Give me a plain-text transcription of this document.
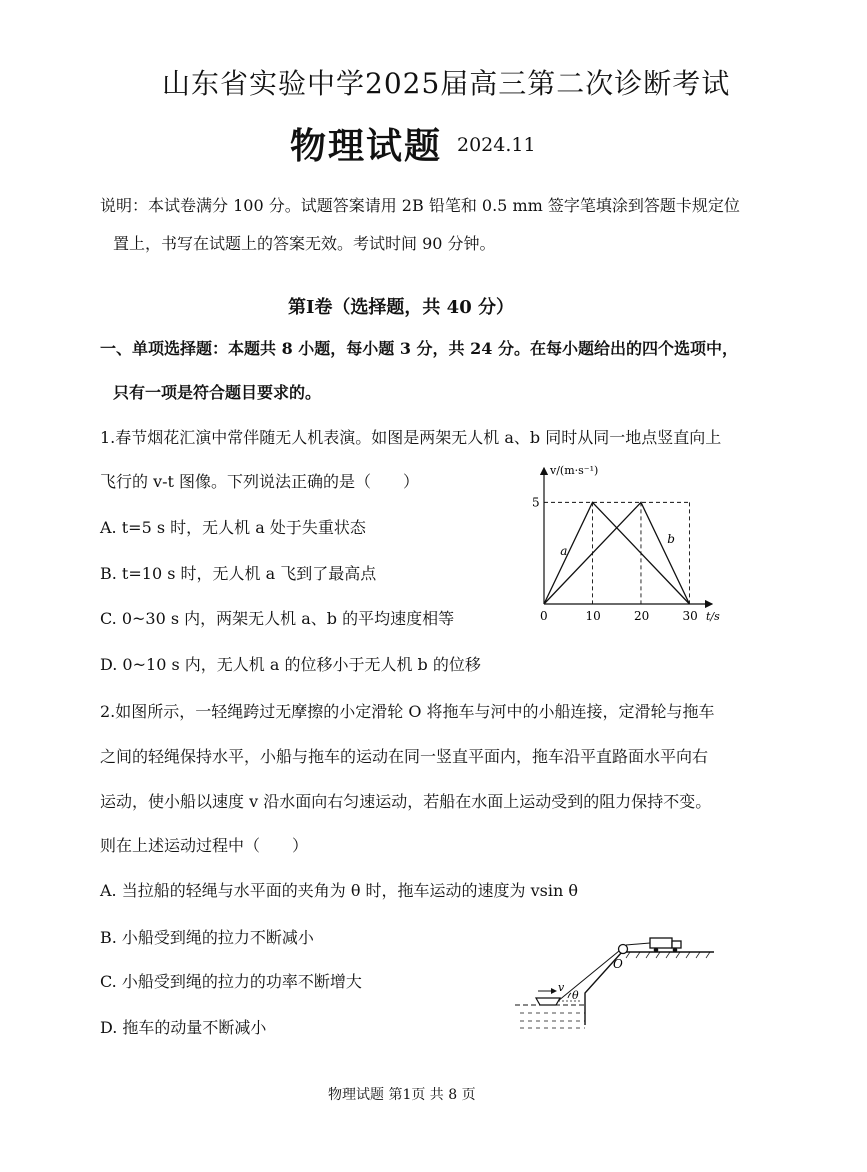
山东省实验中学2025届高三第二次诊断考试
物理试题 2024.11
说明：本试卷满分 100 分。试题答案请用 2B 铅笔和 0.5 mm 签字笔填涂到答题卡规定位
置上，书写在试题上的答案无效。考试时间 90 分钟。
第Ⅰ卷（选择题，共 40 分）
一、单项选择题：本题共 8 小题，每小题 3 分，共 24 分。在每小题给出的四个选项中，
只有一项是符合题目要求的。
1.春节烟花汇演中常伴随无人机表演。如图是两架无人机 a、b 同时从同一地点竖直向上
飞行的 v-t 图像。下列说法正确的是（　　）
A. t=5 s 时，无人机 a 处于失重状态
B. t=10 s 时，无人机 a 飞到了最高点
C. 0~30 s 内，两架无人机 a、b 的平均速度相等
D. 0~10 s 内，无人机 a 的位移小于无人机 b 的位移
t/s
v/(m·s⁻¹)
a
b
0	10	20	30
5
2.如图所示，一轻绳跨过无摩擦的小定滑轮 O 将拖车与河中的小船连接，定滑轮与拖车
之间的轻绳保持水平，小船与拖车的运动在同一竖直平面内，拖车沿平直路面水平向右
运动，使小船以速度 v 沿水面向右匀速运动，若船在水面上运动受到的阻力保持不变。
则在上述运动过程中（　　）
A. 当拉船的轻绳与水平面的夹角为 θ 时，拖车运动的速度为 vsin θ
B. 小船受到绳的拉力不断减小
C. 小船受到绳的拉力的功率不断增大
D. 拖车的动量不断减小
O
v
θ
物理试题 第1页 共 8 页
